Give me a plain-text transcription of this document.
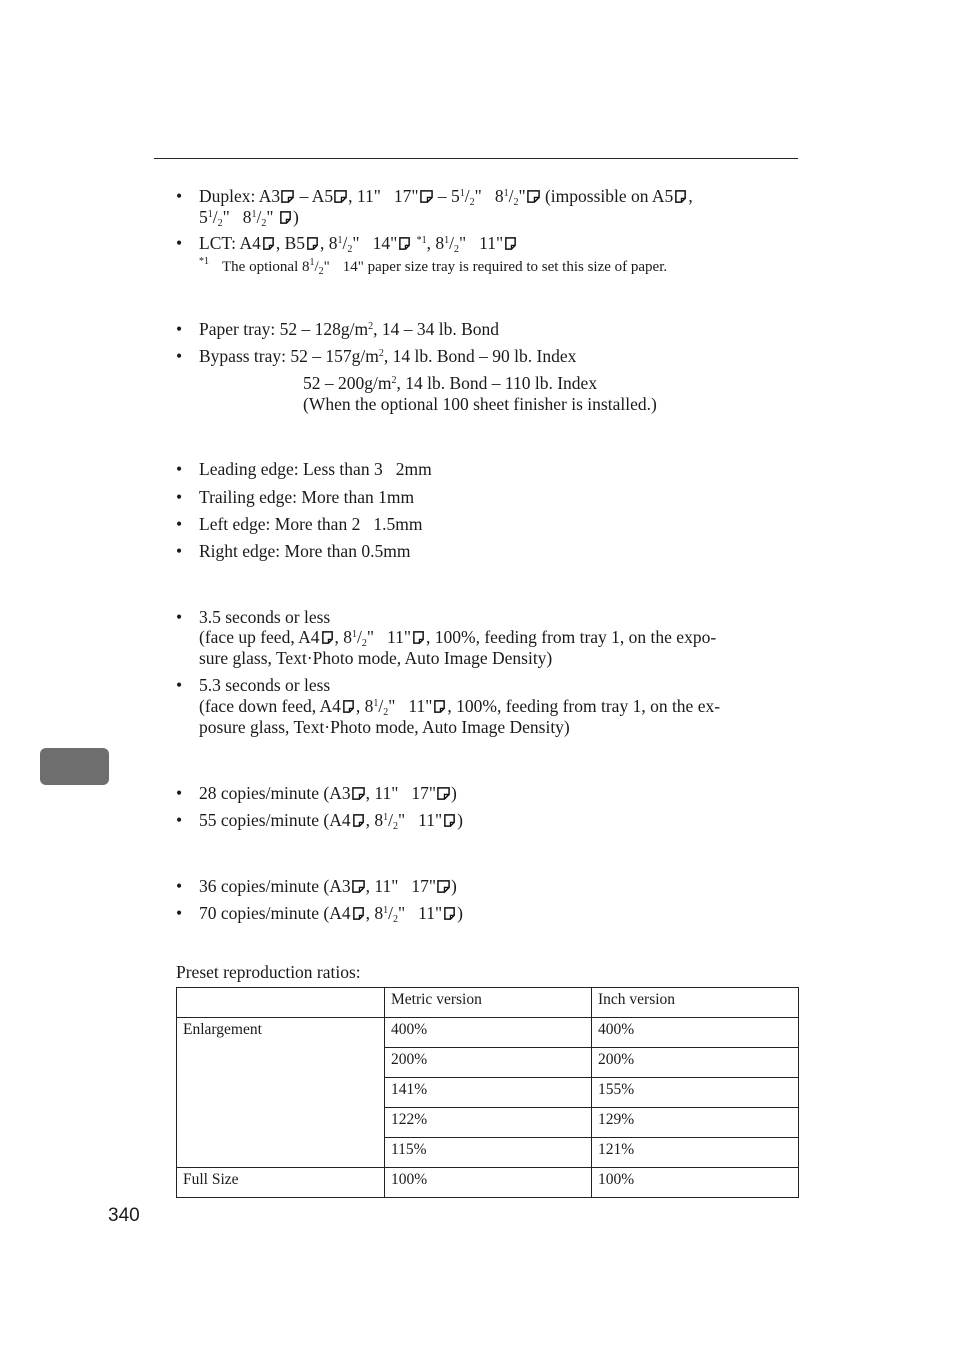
• Duplex: A3 – A5 , 11" 17" – $5^1/_2$" $8^1/_2$" (impossible on A5 ,
$5^1/_2$" $8^1/_2$" )
• LCT: A4 , B5 , $8^1/_2$" 14" $^{*1}$, $8^1/_2$" 11"
$^{*1}$ The optional $8^1/_2$" 14" paper size tray is required to set this size of paper.
• Paper tray: $52 - 128g/m^2$, 14 – 34 lb. Bond
• Bypass tray: $52 - 157g/m^2$, 14 lb. Bond – 90 lb. Index
$52 - 200g/m^2$, 14 lb. Bond – 110 lb. Index
(When the optional 100 sheet finisher is installed.)
• Leading edge: Less than 3 2mm
• Trailing edge: More than 1mm
• Left edge: More than 2 1.5mm
• Right edge: More than 0.5mm
• 3.5 seconds or less
(face up feed, A4 , $8^1/_2$" 11" , 100%, feeding from tray 1, on the expo-
sure glass, Text·Photo mode, Auto Image Density)
• 5.3 seconds or less
(face down feed, A4 , $8^1/_2$" 11" , 100%, feeding from tray 1, on the ex-
posure glass, Text·Photo mode, Auto Image Density)
• 28 copies/minute (A3 , 11" 17" )
• 55 copies/minute (A4 , $8^1/_2$" 11" )
• 36 copies/minute (A3 , 11" 17" )
• 70 copies/minute (A4 , $8^1/_2$" 11" )
Preset reproduction ratios:
	Metric version	Inch version
Enlargement	400%	400%
	200%	200%
	141%	155%
	122%	129%
	115%	121%
Full Size	100%	100%
340
